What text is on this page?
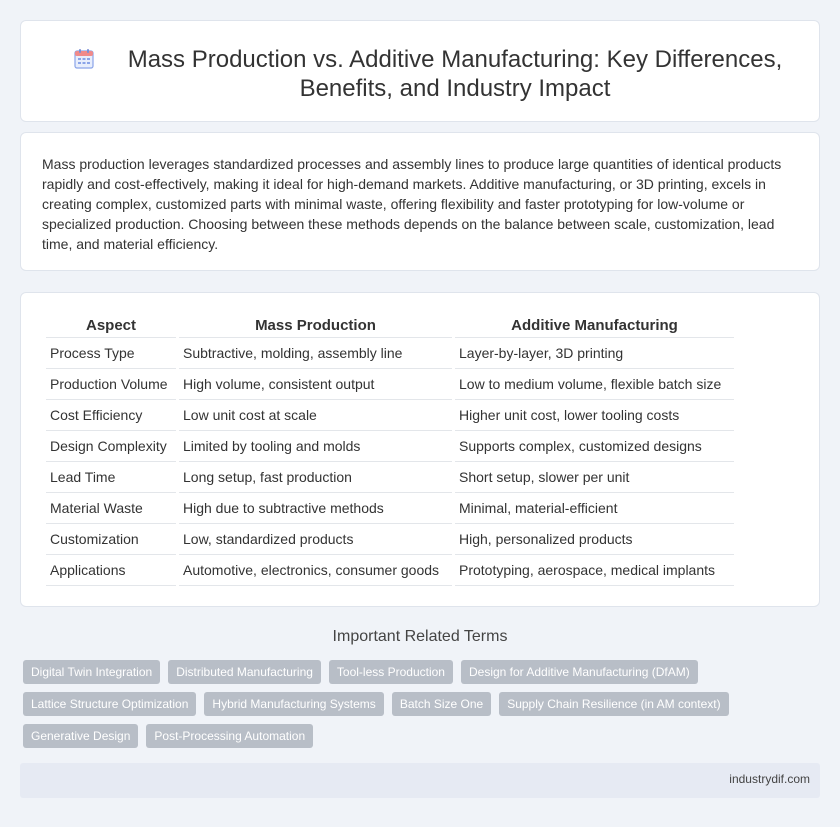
Mass Production vs. Additive Manufacturing: Key Differences, Benefits, and Industry Impact

Mass production leverages standardized processes and assembly lines to produce large quantities of identical products rapidly and cost-effectively, making it ideal for high-demand markets. Additive manufacturing, or 3D printing, excels in creating complex, customized parts with minimal waste, offering flexibility and faster prototyping for low-volume or specialized production. Choosing between these methods depends on the balance between scale, customization, lead time, and material efficiency.

Aspect	Mass Production	Additive Manufacturing
Process Type	Subtractive, molding, assembly line	Layer-by-layer, 3D printing
Production Volume	High volume, consistent output	Low to medium volume, flexible batch size
Cost Efficiency	Low unit cost at scale	Higher unit cost, lower tooling costs
Design Complexity	Limited by tooling and molds	Supports complex, customized designs
Lead Time	Long setup, fast production	Short setup, slower per unit
Material Waste	High due to subtractive methods	Minimal, material-efficient
Customization	Low, standardized products	High, personalized products
Applications	Automotive, electronics, consumer goods	Prototyping, aerospace, medical implants
Important Related Terms
Digital Twin Integration	Distributed Manufacturing	Tool-less Production	Design for Additive Manufacturing (DfAM)
Lattice Structure Optimization	Hybrid Manufacturing Systems	Batch Size One	Supply Chain Resilience (in AM context)
Generative Design	Post-Processing Automation
industrydif.com
